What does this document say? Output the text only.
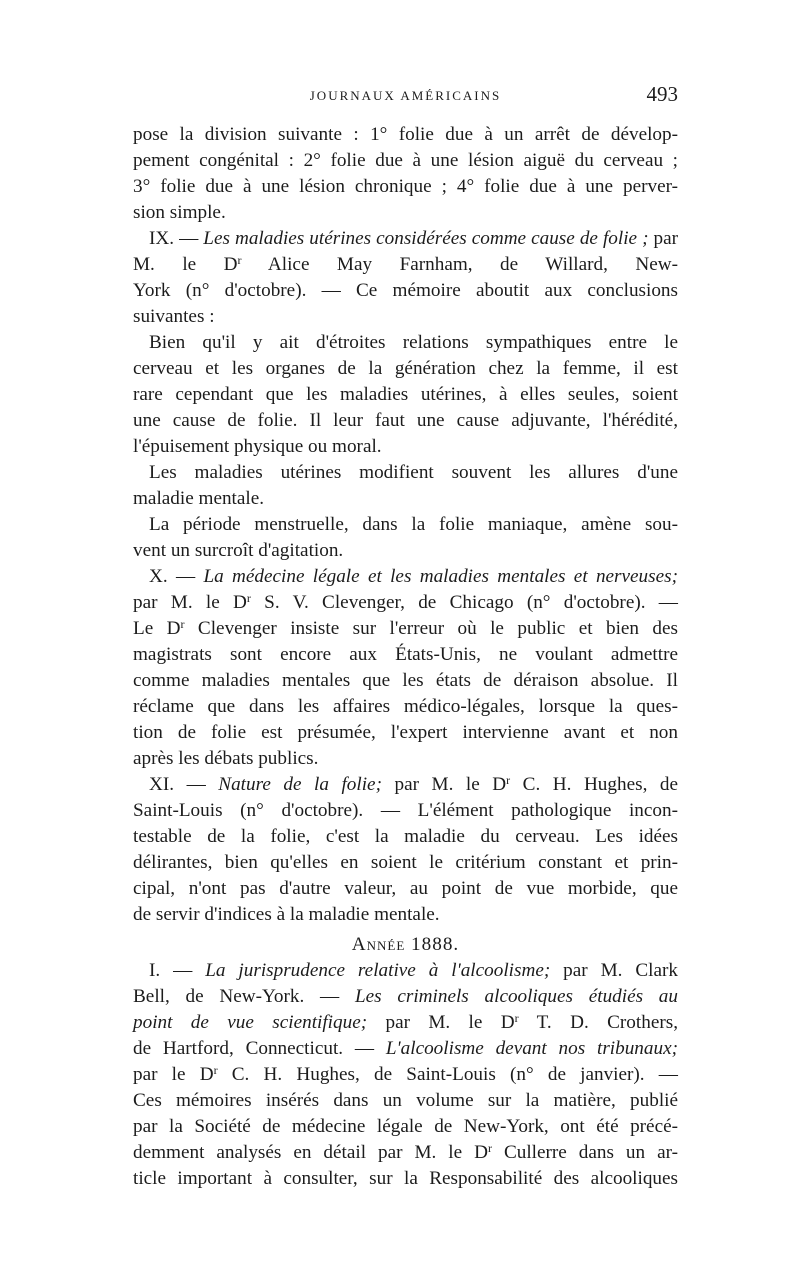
JOURNAUX AMÉRICAINS	493

pose la division suivante : 1° folie due à un arrêt de dévelop-
pement congénital : 2° folie due à une lésion aiguë du cerveau ;
3° folie due à une lésion chronique ; 4° folie due à une perver-
sion simple.

IX. — Les maladies utérines considérées comme cause de folie ; par M. le $D^r$ Alice May Farnham, de Willard, New-
York (n° d'octobre). — Ce mémoire aboutit aux conclusions
suivantes :

Bien qu'il y ait d'étroites relations sympathiques entre le
cerveau et les organes de la génération chez la femme, il est
rare cependant que les maladies utérines, à elles seules, soient
une cause de folie. Il leur faut une cause adjuvante, l'hérédité,
l'épuisement physique ou moral.

Les maladies utérines modifient souvent les allures d'une
maladie mentale.

La période menstruelle, dans la folie maniaque, amène sou-
vent un surcroît d'agitation.

X. — La médecine légale et les maladies mentales et nerveuses;
par M. le $D^r$ S. V. Clevenger, de Chicago (n° d'octobre). —
Le $D^r$ Clevenger insiste sur l'erreur où le public et bien des
magistrats sont encore aux États-Unis, ne voulant admettre
comme maladies mentales que les états de déraison absolue. Il
réclame que dans les affaires médico-légales, lorsque la ques-
tion de folie est présumée, l'expert intervienne avant et non
après les débats publics.

XI. — Nature de la folie; par M. le $D^r$ C. H. Hughes, de
Saint-Louis (n° d'octobre). — L'élément pathologique incon-
testable de la folie, c'est la maladie du cerveau. Les idées
délirantes, bien qu'elles en soient le critérium constant et prin-
cipal, n'ont pas d'autre valeur, au point de vue morbide, que
de servir d'indices à la maladie mentale.

Année 1888.

I. — La jurisprudence relative à l'alcoolisme; par M. Clark
Bell, de New-York. — Les criminels alcooliques étudiés au
point de vue scientifique; par M. le $D^r$ T. D. Crothers,
de Hartford, Connecticut. — L'alcoolisme devant nos tribunaux;
par le $D^r$ C. H. Hughes, de Saint-Louis (n° de janvier). —
Ces mémoires insérés dans un volume sur la matière, publié
par la Société de médecine légale de New-York, ont été précé-
demment analysés en détail par M. le $D^r$ Cullerre dans un ar-
ticle important à consulter, sur la Responsabilité des alcooliques
